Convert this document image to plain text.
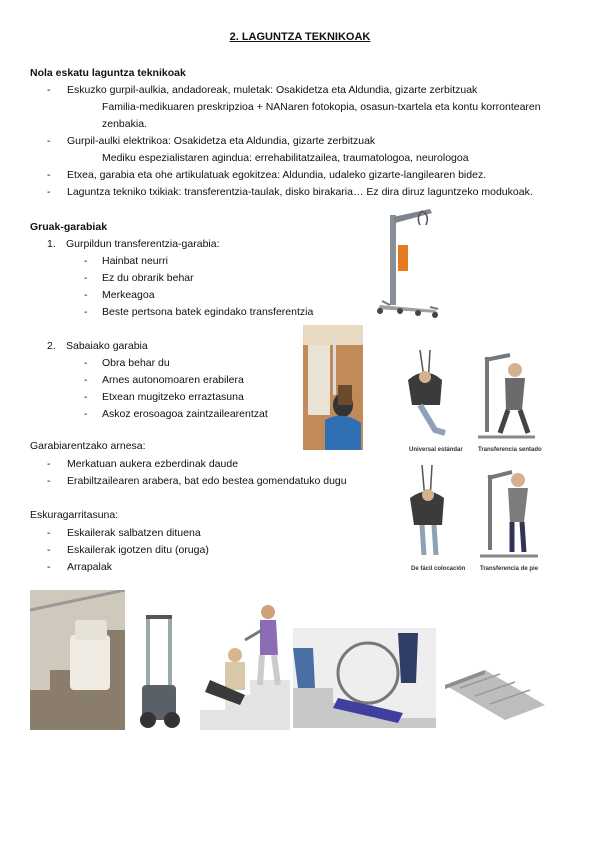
2. LAGUNTZA TEKNIKOAK
Nola eskatu laguntza teknikoak
- Eskuzko gurpil-aulkia, andadoreak, muletak: Osakidetza eta Aldundia, gizarte zerbitzuak
Familia-medikuaren preskripzioa + NANaren fotokopia, osasun-txartela eta kontu korrontearen
zenbakia.
- Gurpil-aulki elektrikoa: Osakidetza eta Aldundia, gizarte zerbitzuak
Mediku espezialistaren agindua: errehabilitatzailea, traumatologoa, neurologoa
- Etxea, garabia eta ohe artikulatuak egokitzea: Aldundia, udaleko gizarte-langilearen bidez.
- Laguntza tekniko txikiak: transferentzia-taulak, disko birakaria… Ez dira diruz laguntzeko modukoak.
Gruak-garabiak
1. Gurpildun transferentzia-garabia:
- Hainbat neurri
- Ez du obrarik behar
- Merkeagoa
- Beste pertsona batek egindako transferentzia
2. Sabaiako garabia
- Obra behar du
- Arnes autonomoaren erabilera
- Etxean mugitzeko erraztasuna
- Askoz erosoagoa zaintzailearentzat
Garabiarentzako arnesa:
- Merkatuan aukera ezberdinak daude
- Erabiltzailearen arabera, bat edo bestea gomendatuko dugu
Eskuragarritasuna:
- Eskailerak salbatzen dituena
- Eskailerak igotzen ditu (oruga)
- Arrapalak
Universal estándar	Transferencia sentado
De fácil colocación Transferencia de pie
